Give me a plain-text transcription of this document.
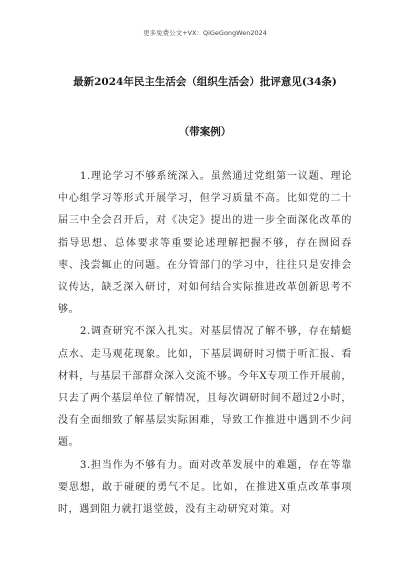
更多免费公文+VX：QiGeGongWen2024
最新2024年民主生活会（组织生活会）批评意见(34条)
（带案例）

1.理论学习不够系统深入。虽然通过党组第一议题、理论中心组学习等形式开展学习，但学习质量不高。比如党的二十届三中全会召开后，对《决定》提出的进一步全面深化改革的指导思想、总体要求等重要论述理解把握不够，存在囫囵吞枣、浅尝辄止的问题。在分管部门的学习中，往往只是安排会议传达，缺乏深入研讨，对如何结合实际推进改革创新思考不够。

2.调查研究不深入扎实。对基层情况了解不够，存在蜻蜓点水、走马观花现象。比如，下基层调研时习惯于听汇报、看材料，与基层干部群众深入交流不够。今年X专项工作开展前，只去了两个基层单位了解情况，且每次调研时间不超过2小时，没有全面细致了解基层实际困难，导致工作推进中遇到不少问题。

3.担当作为不够有力。面对改革发展中的难题，存在等靠要思想，敢于碰硬的勇气不足。比如，在推进X重点改革事项时，遇到阻力就打退堂鼓，没有主动研究对策。对
